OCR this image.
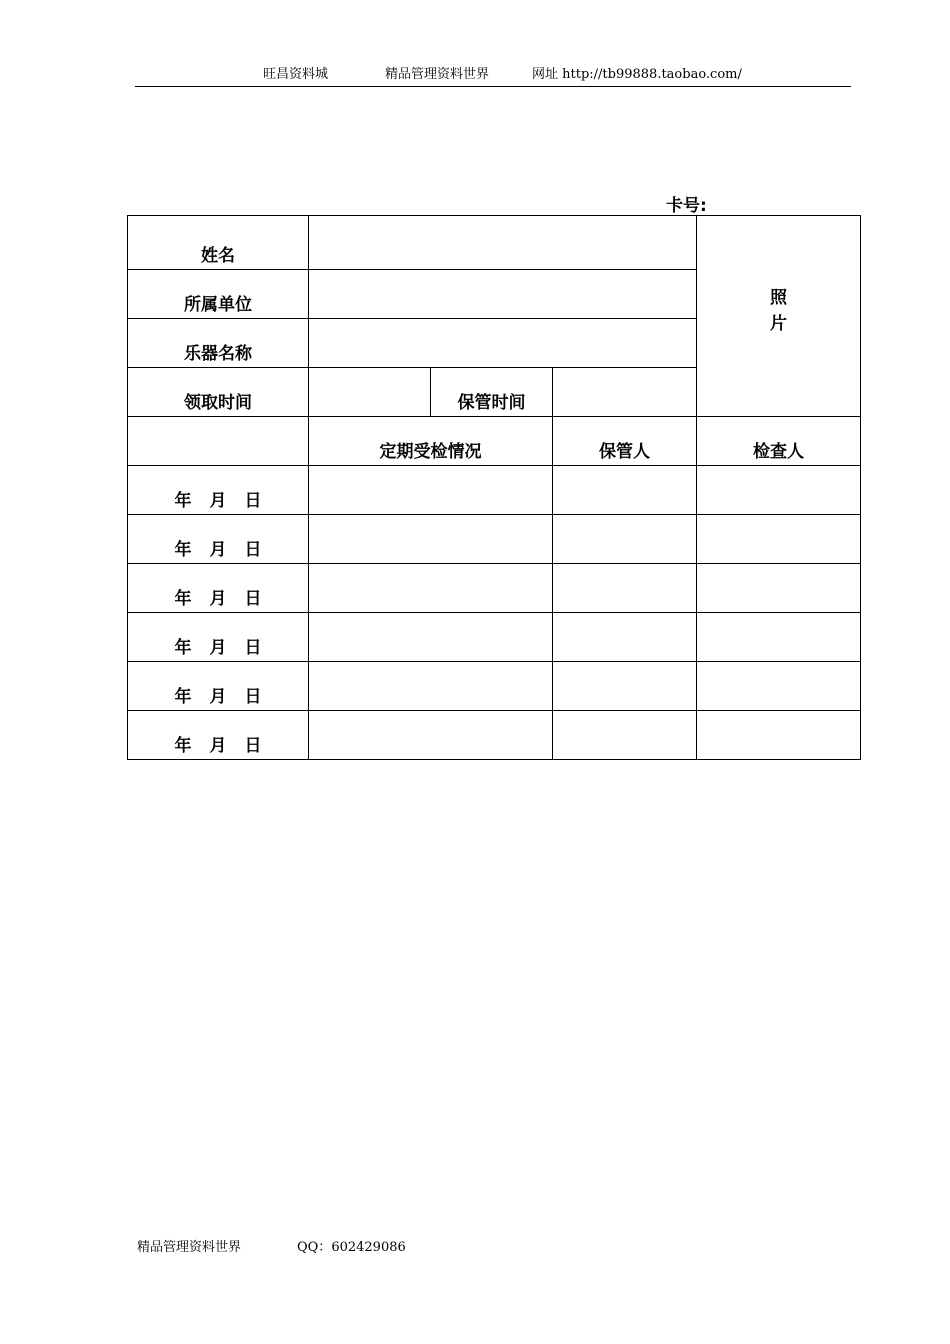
旺昌资料城	精品管理资料世界	网址 http://tb99888.taobao.com/
卡号:
姓名				照
片

所属单位				
乐器名称				
领取时间		保管时间		
	定期受检情况		保管人	检查人
年 月 日				
年 月 日				
年 月 日				
年 月 日				
年 月 日				
年 月 日				
精品管理资料世界	QQ：602429086
